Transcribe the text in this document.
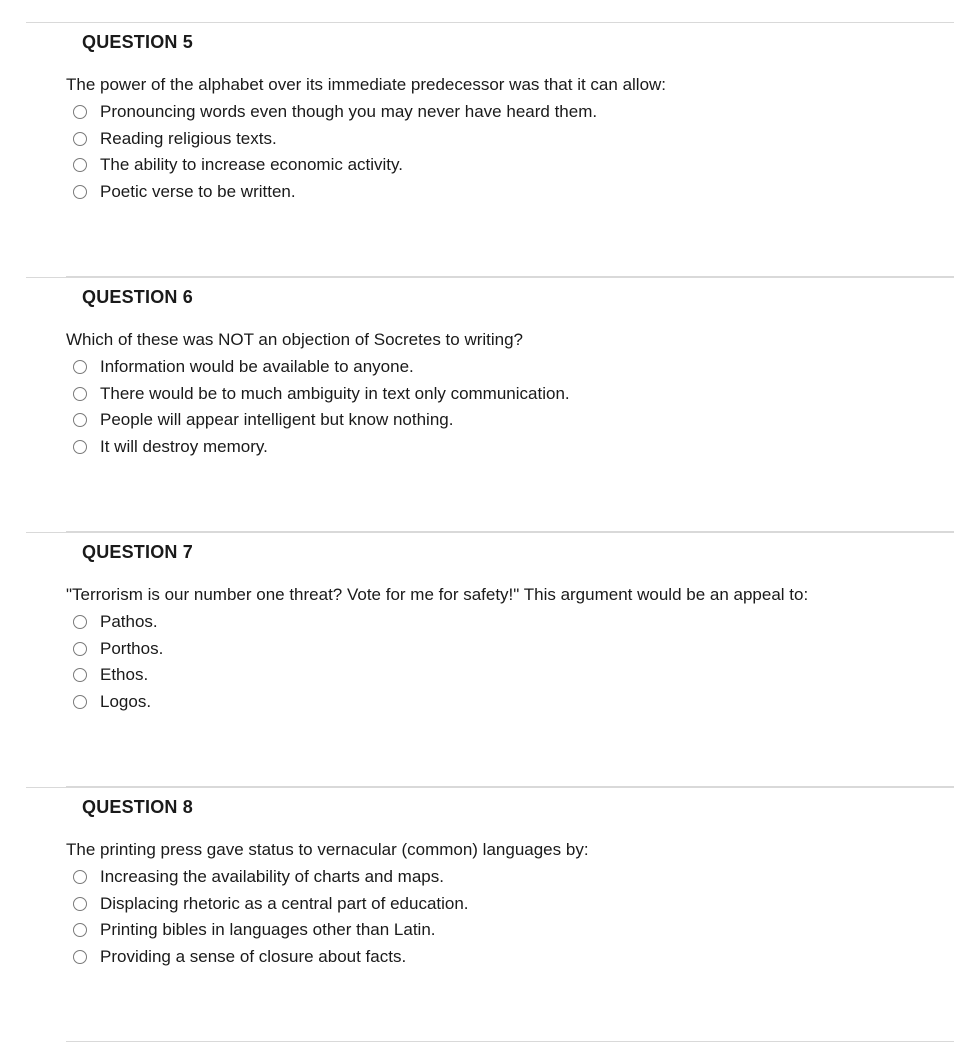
QUESTION 5
The power of the alphabet over its immediate predecessor was that it can allow:
Pronouncing words even though you may never have heard them.
Reading religious texts.
The ability to increase economic activity.
Poetic verse to be written.
QUESTION 6
Which of these was NOT an objection of Socretes to writing?
Information would be available to anyone.
There would be to much ambiguity in text only communication.
People will appear intelligent but know nothing.
It will destroy memory.
QUESTION 7
"Terrorism is our number one threat? Vote for me for safety!" This argument would be an appeal to:
Pathos.
Porthos.
Ethos.
Logos.
QUESTION 8
The printing press gave status to vernacular (common) languages by:
Increasing the availability of charts and maps.
Displacing rhetoric as a central part of education.
Printing bibles in languages other than Latin.
Providing a sense of closure about facts.
